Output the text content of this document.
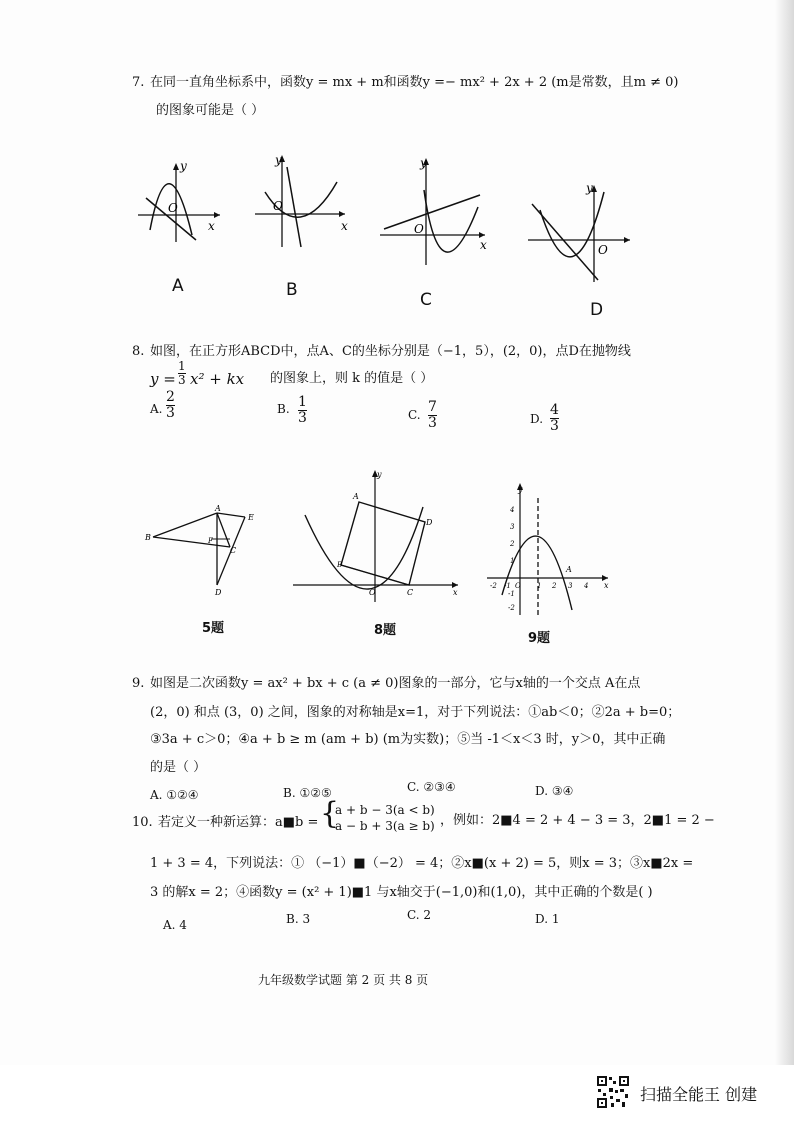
7. 在同一直角坐标系中，函数y = mx + m和函数y =− mx² + 2x + 2 (m是常数，且m ≠ 0)
的图象可能是（ ）
O
y
x
A
O
y
x
B
O
y
x
C
O
y
D
8. 如图，在正方形ABCD中，点A、C的坐标分别是（−1，5），(2，0)，点D在抛物线
y =
1
3 x² + kx 的图象上，则 k 的值是（ ）
A.
2
3	B. 1
3	C. 7
3	D.
4
3
A
B
E
F
C
D
5题
y
A
D
B
O	C	x
8题
y
4
3
2
1
-1
-2
-2 -1 O 1 2 3 4 x
A
9题
9. 如图是二次函数y = ax² + bx + c (a ≠ 0)图象的一部分，它与x轴的一个交点 A在点
(2，0) 和点 (3，0) 之间，图象的对称轴是x=1，对于下列说法：①ab＜0；②2a + b=0；
③3a + c＞0；④a + b ≥ m (am + b) (m为实数)；⑤当 -1＜x＜3 时，y＞0，其中正确
的是（ ）
A. ①②④	B. ①②⑤	C. ②③④	D. ③④
10. 若定义一种新运算：a■b = {
a + b − 3(a < b)
a − b + 3(a ≥ b) ，例如：2■4 = 2 + 4 − 3 = 3，2■1 = 2 −
1 + 3 = 4，下列说法：① （−1）■（−2） = 4；②x■(x + 2) = 5，则x = 3；③x■2x =
3 的解x = 2；④函数y = (x² + 1)■1 与x轴交于(−1,0)和(1,0)，其中正确的个数是( )
A. 4	B. 3	C. 2	D. 1
九年级数学试题 第 2 页 共 8 页
扫描全能王 创建
